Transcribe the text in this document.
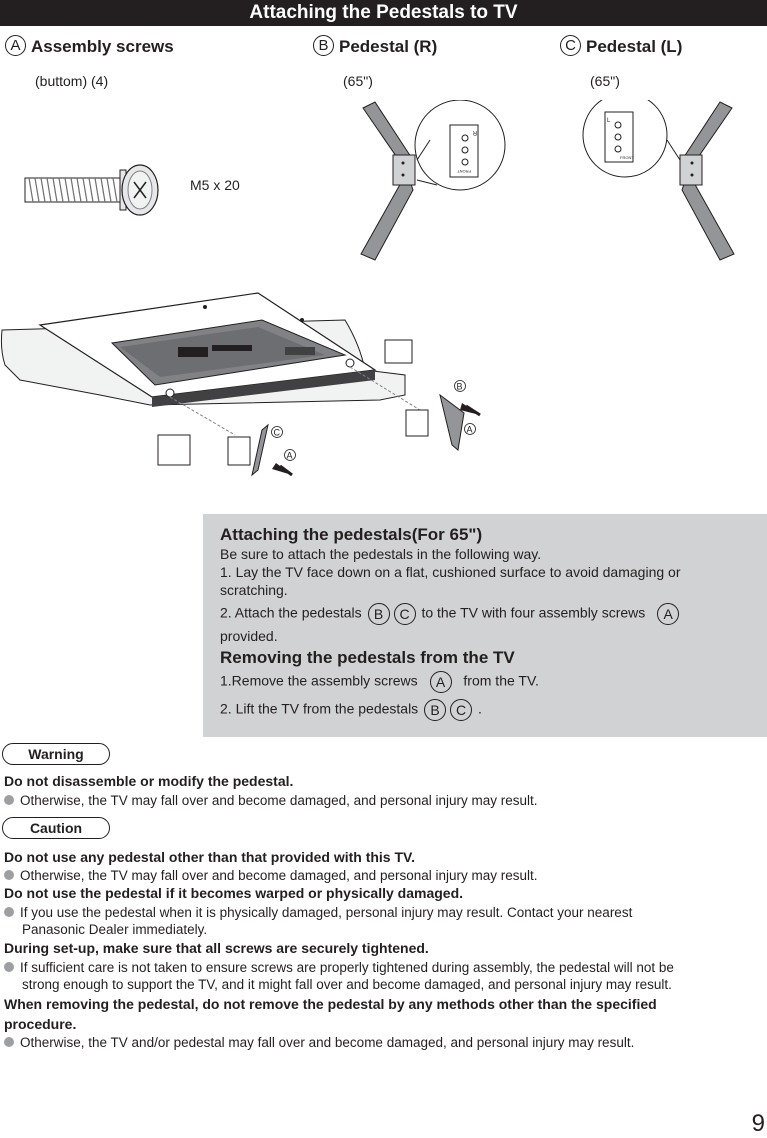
Attaching the Pedestals to TV
A Assembly screws
(buttom) (4)
B Pedestal (R)
(65")
C Pedestal (L)
(65")
M5 x 20
R
FRONT
L
FRONT
C
A
B
A
Attaching the pedestals(For 65")

Be sure to attach the pedestals in the following way.

1. Lay the TV face down on a flat, cushioned surface to avoid damaging or scratching.

2. Attach the pedestals B C to the TV with four assembly screws A

provided.

Removing the pedestals from the TV

1.Remove the assembly screws A from the TV.

2. Lift the TV from the pedestals B C .

Warning
Do not disassemble or modify the pedestal.
Otherwise, the TV may fall over and become damaged, and personal injury may result.
Caution
Do not use any pedestal other than that provided with this TV.
Otherwise, the TV may fall over and become damaged, and personal injury may result.
Do not use the pedestal if it becomes warped or physically damaged.
If you use the pedestal when it is physically damaged, personal injury may result. Contact your nearest
Panasonic Dealer immediately.
During set-up, make sure that all screws are securely tightened.
If sufficient care is not taken to ensure screws are properly tightened during assembly, the pedestal will not be
strong enough to support the TV, and it might fall over and become damaged, and personal injury may result.
When removing the pedestal, do not remove the pedestal by any methods other than the specified
procedure.
Otherwise, the TV and/or pedestal may fall over and become damaged, and personal injury may result.
9
